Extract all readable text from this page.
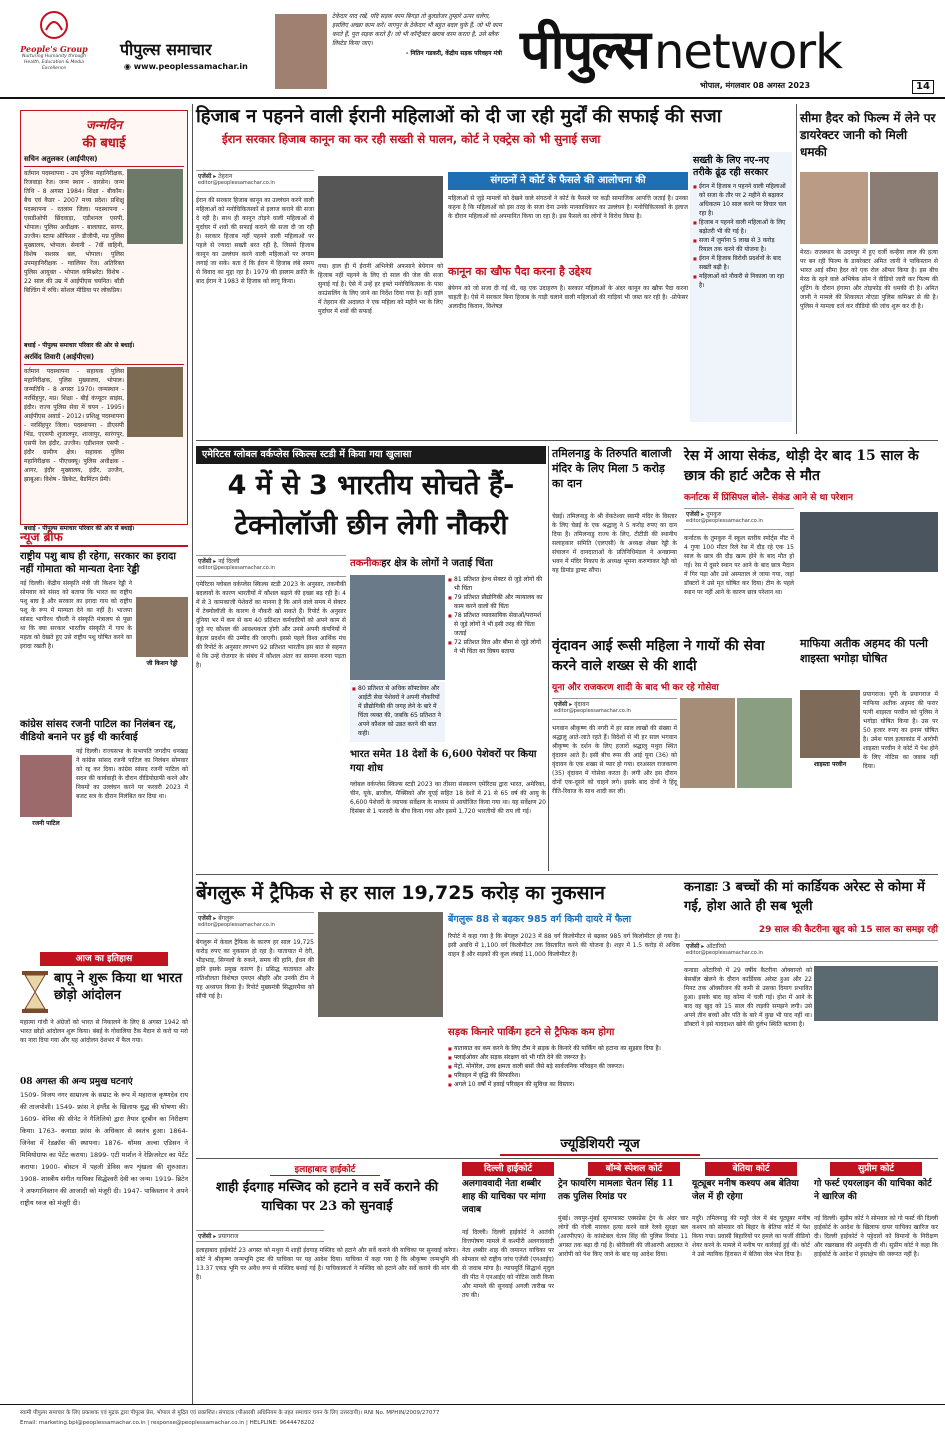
People's Group
Nurturing Humanity through Health, Education & Media Excellence
पीपुल्स समाचार
◉ www.peoplessamachar.in
टेकेदार याद रखें, यदि सड़क काम बिगड़ा तो बुलडोजर तुम्हारे ऊपर चलेगा, इसलिए अच्छा काम करें। नागपुर के ठेकेदार भी बहुत बदल चुके हैं, जो भी काम करते हैं, पूरा सड़क करते हैं। जो भी कॉन्ट्रैक्टर खराब काम करता है, उसे ब्लैक लिस्टेड किया जाए।
- नितिन गडकरी, केंद्रीय सड़क परिवहन मंत्री पीपुल्स network
भोपाल, मंगलवार 08 अगस्त 2023	14
जन्मदिन
की बधाई
सचिन अतुलकर (आईपीएस)
वर्तमान पदस्थापना - उप पुलिस महानिरीक्षक, रिजवाड़ा रेंज। जन्म स्थान - वारसेन। जन्म तिथि - 8 अगस्त 1984। शिक्षा - बीकॉम। बैच एवं कैडर - 2007 मध्य प्रदेश। प्रशिक्षु पदस्थापना - रतलाम जिला। पदस्थापना - एसडीओपी छिंदवाड़ा, एडीशनल एसपी, भोपाल। पुलिस अधीक्षक - बालाघाट, सागर, उज्जैन। स्टाफ ऑफिसर - डीजीपी, मप्र पुलिस मुख्यालय, भोपाल। सेनानी - 7वीं वाहिनी, विशेष सशस्त्र बल, भोपाल। पुलिस उपमहानिरीक्षक - ग्वालियर रेंज। अतिरिक्त पुलिस आयुक्त - भोपाल कमिश्नरेट। विशेष - 22 साल की उम्र में आईपीएस चयनित। बॉडी बिल्डिंग में रुचि। सोशल मीडिया पर लोकप्रिय।
बधाई - पीपुल्स समाचार परिवार की ओर से बधाई।
अरविंद तिवारी (आईपीएस)
वर्तमान पदस्थापना - सहायक पुलिस महानिरीक्षक, पुलिस मुख्यालय, भोपाल। जन्मतिथि - 8 अगस्त 1970। जन्मस्थान - नरसिंहपुर, मप्र। शिक्षा - बीई कंप्यूटर साइंस, इंदौर। राज्य पुलिस सेवा में चयन - 1995। आईपीएस अवार्ड - 2012। प्रशिक्षु पदस्थापना - नरसिंहपुर जिला। पदस्थापना - डीएसपी भिंड, एएसपी शुजालपुर, शाजापुर, सारंगपुर, एसपी रेल इंदौर, उज्जैन। एडीशनल एसपी - इंदौर ग्रामीण क्षेत्र। सहायक पुलिस महानिरीक्षक - पीएचक्यू। पुलिस अधीक्षक - आगर, इंदौर मुख्यालय, इंदौर, उज्जैन, झाबुआ। विशेष - क्रिकेट, बैडमिंटन प्रेमी।
बधाई - पीपुल्स समाचार परिवार की ओर से बधाई।
न्यूज ब्रीफ
राष्ट्रीय पशु बाघ ही रहेगा, सरकार का इरादा नहीं गोमाता को मान्यता देनाः रेड्डी
नई दिल्ली। केंद्रीय संस्कृति मंत्री जी किशन रेड्डी ने सोमवार को संसद को बताया कि भारत का राष्ट्रीय पशु बाघ है और सरकार का इरादा गाय को राष्ट्रीय पशु के रूप में मान्यता देने का नहीं है। भाजपा सांसद भागीरथ चौधरी ने संस्कृति मंत्रालय से पूछा था कि क्या सरकार भारतीय संस्कृति में गाय के महत्व को देखते हुए उसे राष्ट्रीय पशु घोषित करने का इरादा रखती है।
जी किशन रेड्डी
कांग्रेस सांसद रजनी पाटिल का निलंबन रद्द, वीडियो बनाने पर हुई थी कार्रवाई
नई दिल्ली। राज्यसभा के सभापति जगदीप धनखड़ ने कांग्रेस सांसद रजनी पाटिल का निलंबन सोमवार को रद्द कर दिया। कांग्रेस सांसद रजनी पाटिल को सदन की कार्यवाही के दौरान वीडियोग्राफी करने और नियमों का उल्लंघन करने पर फरवरी 2023 में बजट सत्र के दौरान निलंबित कर दिया था।
रजनी पाटिल
आज का इतिहास
बापू ने शुरू किया था भारत छोड़ो आंदोलन
महात्मा गांधी ने अंग्रेजों को भारत से निकालने के लिए 8 अगस्त 1942 को भारत छोड़ो आंदोलन शुरू किया। बंबई के गोवालिया टैंक मैदान से करो या मरो का नारा दिया गया और यह आंदोलन देशभर में फैल गया।
08 अगस्त की अन्य प्रमुख घटनाएं
1509- विजय नगर साम्राज्य के सम्राट के रूप में महाराज कृष्णदेव राय की ताजपोशी। 1549- फ्रांस ने इंग्लैंड के खिलाफ युद्ध की घोषणा की। 1609- वेनिस की सीनेट ने गैलिलियो द्वारा तैयार दूरबीन का निरीक्षण किया। 1763- कनाडा फ्रांस के अधिकार से स्वतंत्र हुआ। 1864- जिनेवा में रेडक्रॉस की स्थापना। 1876- थॉमस अल्वा एडिसन ने मिमियोग्राफ का पेटेंट कराया। 1899- एटी मार्शल ने रेफ्रिजरेटर का पेटेंट कराया। 1900- बोस्टन में पहली डेविस कप शृंखला की शुरुआत। 1908- शास्त्रीय संगीत गायिका सिद्धेश्वरी देवी का जन्म। 1919- ब्रिटेन ने अफगानिस्तान की आजादी को मंजूरी दी। 1947- पाकिस्तान ने अपने राष्ट्रीय ध्वज को मंजूरी दी।
हिजाब न पहनने वाली ईरानी महिलाओं को दी जा रही मुर्दों की सफाई की सजा
ईरान सरकार हिजाब कानून का कर रही सख्ती से पालन, कोर्ट ने एक्ट्रेस को भी सुनाई सजा
एजेंसी ▸ तेहरान
editor@peoplessamachar.co.in
ईरान की सरकार हिजाब कानून का उल्लंघन करने वाली महिलाओं को मनोचिकित्सकों से इलाज कराने की सजा दे रही है। साथ ही कानून तोड़ने वाली महिलाओं से मुर्दाघर में शवों की सफाई कराने की सजा दी जा रही है। सरकार हिजाब नहीं पहनने वाली महिलाओं पर पहले से ज्यादा सख्ती बरत रही है, जिससे हिजाब कानून का उल्लंघन करने वाली महिलाओं पर लगाम लगाई जा सके। बता दें कि ईरान में हिजाब लंबे समय से विवाद का मुद्दा रहा है। 1979 की इस्लाम क्रांति के बाद ईरान ने 1983 से हिजाब को लागू किया।
गया। हाल ही में ईरानी अभिनेत्री अफसाने बेयेगान को हिजाब नहीं पहनने के लिए दो साल की जेल की सजा सुनाई गई है। ऐसे में उन्हें हर हफ्ते मनोचिकित्सक के पास काउंसलिंग के लिए जाने का निर्देश दिया गया है। वहीं हाल में तेहरान की अदालत ने एक महिला को महीने भर के लिए मुर्दाघर में शवों की सफाई
संगठनों ने कोर्ट के फैसले की आलोचना की
महिलाओं से जुड़े मामलों को देखने वाले संगठनों ने कोर्ट के फैसले पर कड़ी सामाजिक आपत्ति जताई है। उनका कहना है कि महिलाओं को इस तरह के सजा देना उनके मानवाधिकार का उल्लंघन है। मनोचिकित्सकों के इलाज के दौरान महिलाओं को अपमानित किया जा रहा है। इस फैसले का लोगों ने विरोध किया है।
कानून का खौफ पैदा करना है उद्देश्य
बेयेगन को जो सजा दी गई थी, वह एक उदाहरण है। सरकार महिलाओं के अंदर कानून का खौफ पैदा करना चाहती है। ऐसे में सरकार बिना हिजाब के गाड़ी चलाने वाली महिलाओं की गाड़ियां भी जब्त कर रही है। -प्रोफेसर अलादीद किवान, विशेषज्ञ
सख्ती के लिए नए-नए तरीके ढूंढ रही सरकार
■ ईरान में हिजाब न पहनने वाली महिलाओं को सजा के तौर पर 2 महीने से बढ़ाकर अधिकतम 10 साल करने पर विचार चल रहा है।
■ हिजाब न पहनने वाली महिलाओं के लिए बढ़ोतरी भी की गई है।
■ सजा में जुर्माना 5 लाख से 3 करोड़ रियाल तक करने की योजना है।
■ ईरान में हिजाब विरोधी प्रदर्शनों के बाद सख्ती बढ़ी है।
■ महिलाओं को नौकरी से निकाला जा रहा है।
सीमा हैदर को फिल्म में लेने पर डायरेक्टर जानी को मिली धमकी
मेरठ। राजस्थान के उदयपुर में हुए दर्जी कन्हैया लाल की हत्या पर बन रही फिल्म के डायरेक्टर अमित जानी ने पाकिस्तान से भारत आई सीमा हैदर को एक रोल ऑफर किया है। इस बीच मेरठ के रहने वाले अभिषेक सोम ने वीडियो जारी कर फिल्म की शूटिंग के दौरान हंगामा और तोड़फोड़ की धमकी दी है। अमित जानी ने मामले की शिकायत नोएडा पुलिस कमिश्नर से की है। पुलिस ने मामला दर्ज कर वीडियो की जांच शुरू कर दी है।
एमेरिटस ग्लोबल वर्कप्लेस स्किल्स स्टडी में किया गया खुलासा
4 में से 3 भारतीय सोचते हैं- टेक्नोलॉजी छीन लेगी नौकरी
एजेंसी ▸ नई दिल्ली
editor@peoplessamachar.co.in
एमेरिटस ग्लोबल वर्कप्लेस स्किल्स स्टडी 2023 के अनुसार, तकनीकी बदलावों के कारण भारतीयों में कौशल बढ़ाने की इच्छा बढ़ रही है। 4 में से 3 कामकाजी पेशेवरों का मानना है कि आने वाले समय में सेक्टर में टेक्नोलॉजी के कारण वे नौकरी खो सकते हैं। रिपोर्ट के अनुसार दुनिया भर में कम से कम 40 प्रतिशत कर्मचारियों को अपने काम से जुड़े नए कौशल की आवश्यकता होगी और उनसे अपनी कंपनियों में बेहतर प्रदर्शन की उम्मीद की जाएगी। इससे पहले विश्व आर्थिक मंच की रिपोर्ट के अनुसार लगभग 92 प्रतिशत भारतीय इस बात से सहमत थे कि उन्हें रोजगार के संबंध में कौशल अंतर का सामना करना पड़ता है।
तकनीकःहर क्षेत्र के लोगों ने जताई चिंता
■ 80 प्रतिशत से अधिक सॉफ्टवेयर और आईटी सेवा पेशेवरों ने अपनी नौकरियों में प्रौद्योगिकी की जगह लेने के बारे में चिंता व्यक्त की, जबकि 65 प्रतिशत ने अपने कौशल को उन्नत करने की बात कही।
■ 81 प्रतिशत हेल्थ सेक्टर से जुड़े लोगों की भी चिंता
■ 79 प्रतिशत प्रौद्योगिकी और न्यायालय का काम करने वालों की चिंता
■ 78 प्रतिशत व्यावसायिक सेवाओं/परामर्श से जुड़े लोगों ने भी इसी तरह की चिंता जताई
■ 72 प्रतिशत वित्त और बीमा से जुड़े लोगों ने भी चिंता का विषय बताया
भारत समेत 18 देशों के 6,600 पेशेवरों पर किया गया शोध
ग्लोबल वर्कप्लेस स्किल्स स्टडी 2023 का तीसरा संस्करण एमेरिटस द्वारा भारत, अमेरिका, चीन, यूके, ब्राजील, मैक्सिको और यूएई सहित 18 देशों में 21 से 65 वर्ष की आयु के 6,600 पेशेवरों के व्यापक सर्वेक्षण के माध्यम से आयोजित किया गया था। यह सर्वेक्षण 20 दिसंबर से 1 फरवरी के बीच किया गया और इसमें 1,720 भारतीयों की राय ली गई।
तमिलनाडु के तिरुपति बालाजी मंदिर के लिए मिला 5 करोड़ का दान
चेन्नई। तमिलनाडु के श्री वेंकटेश्वर स्वामी मंदिर के विस्तार के लिए चेन्नई के एक श्रद्धालु ने 5 करोड़ रुपए का दान दिया है। तमिलनाडु राज्य के लिए, टीटीडी की स्थानीय सलाहकार समिति (एलएसी) के अध्यक्ष शेखर रेड्डी के संचालन में दानदाताओं के प्रतिनिधिमंडल ने अनन्नाम्या भवन में मंदिर निकाय के अध्यक्ष भूमना करुणाकर रेड्डी को यह डिमांड ड्राफ्ट सौंपा।
वृंदावन आई रूसी महिला ने गायों की सेवा करने वाले शख्स से की शादी
यूना और राजकरण शादी के बाद भी कर रहे गोसेवा
एजेंसी ▸ वृंदावन
editor@peoplessamachar.co.in
भगवान श्रीकृष्ण की नगरी में हर साल लाखों की संख्या में श्रद्धालु आते-जाते रहते हैं। विदेशों से भी हर साल भगवान श्रीकृष्ण के दर्शन के लिए हजारों श्रद्धालु मथुरा स्थित वृंदावन आते हैं। इसी बीच रूस की आई यूना (36) को वृंदावन के एक शख्स से प्यार हो गया। दरअसल राजकरण (35) वृंदावन में गोसेवा करता है। लगी और इस दौरान दोनों एक-दूसरे को चाहने लगे। इसके बाद दोनों ने हिंदू रीति-रिवाज के साथ शादी कर ली।
रेस में आया सेकंड, थोड़ी देर बाद 15 साल के छात्र की हार्ट अटैक से मौत
कर्नाटक में प्रिंसिपल बोले- सेकंड आने से था परेशान
एजेंसी ▸ तुमकुरु
editor@peoplessamachar.co.in
कर्नाटक के तुमकुरु में स्कूल स्तरीय स्पोर्ट्स मीट में 4 गुणा 100 मीटर रिले रेस में दौड़ रहे एक 15 साल के छात्र की दौड़ खत्म होने के बाद मौत हो गई। रेस में दूसरे स्थान पर आने के बाद छात्र मैदान में गिर पड़ा और उसे अस्पताल ले जाया गया, जहां डॉक्टरों ने उसे मृत घोषित कर दिया। टीम के पहले स्थान पर नहीं आने के कारण छात्र परेशान था।
माफिया अतीक अहमद की पत्नी शाइस्ता भगोड़ा घोषित
शाइस्ता परवीन
प्रयागराज। यूपी के प्रयागराज में माफिया अतीक अहमद की फरार पत्नी शाइस्ता परवीन को पुलिस ने भगोड़ा घोषित किया है। उस पर 50 हजार रुपए का इनाम घोषित है। उमेश पाल हत्याकांड में आरोपी शाइस्ता परवीन ने कोर्ट में पेश होने के लिए नोटिस का जवाब नहीं दिया।
बेंगलुरू में ट्रैफिक से हर साल 19,725 करोड़ का नुकसान
एजेंसी ▸ बेंगलुरू
editor@peoplessamachar.co.in
बेंगलुरू में केवल ट्रैफिक के कारण हर साल 19,725 करोड़ रुपए का नुकसान हो रहा है। यातायात में देरी, भीड़भाड़, सिग्नलों के रुकने, समय की हानि, ईंधन की हानि इसके प्रमुख कारण हैं। प्रसिद्ध यातायात और गतिशीलता विशेषज्ञ एमएन श्रीहरि और उनकी टीम ने यह अध्ययन किया है। रिपोर्ट मुख्यमंत्री सिद्धारमैया को सौंपी गई है।
बेंगलुरू 88 से बढ़कर 985 वर्ग किमी दायरे में फैला
रिपोर्ट में कहा गया है कि बेंगलुरु 2023 में 88 वर्ग किलोमीटर से बढ़कर 985 वर्ग किलोमीटर हो गया है। इसी अवधि में 1,100 वर्ग किलोमीटर तक विस्तारित करने की योजना है। शहर में 1.5 करोड़ से अधिक वाहन हैं और सड़कों की कुल लंबाई 11,000 किलोमीटर है।
सड़क किनारे पार्किंग हटने से ट्रैफिक कम होगा
■ यातायात का कम करने के लिए टीम ने सड़क के किनारे की पार्किंग को हटाना का सुझाव दिया है।
■ फ्लाईओवर और सड़क संरक्षण को भी गति देने की जरूरत है।
■ मेट्रो, मोनोरेल, उच्च क्षमता वाली बसों जैसे बड़े सार्वजनिक परिवहन की जरूरत।
■ परिवहन में वृद्धि की सिफारिश।
■ अगले 10 वर्षों में हवाई परिवहन की सुविधा का विस्तार।
कनाडाः 3 बच्चों की मां कार्डियक अरेस्ट से कोमा में गई, होश आते ही सब भूली
29 साल की कैटरीना खुद को 15 साल का समझ रही
एजेंसी ▸ ओंटारियो
editor@peoplessamachar.co.in
कनाडा ओंटारियो में 29 वर्षीय कैटरीना ओक्वान्तो को बेसबॉल खेलने के दौरान कार्डियक अरेस्ट हुआ और 22 मिनट तक ऑक्सीजन की कमी से उसका दिमाग प्रभावित हुआ। इसके बाद वह कोमा में चली गई। होश में आने के बाद वह खुद को 15 साल की लड़की समझने लगी। उसे अपने तीन बच्चों और पति के बारे में कुछ भी याद नहीं था। डॉक्टरों ने इसे याददाश्त खोने की दुर्लभ स्थिति बताया है।
ज्यूडिशियरी न्यूज
इलाहाबाद हाईकोर्ट
शाही ईदगाह मस्जिद को हटाने व सर्वे कराने की याचिका पर 23 को सुनवाई
एजेंसी ▸ प्रयागराज
इलाहाबाद हाईकोर्ट 23 अगस्त को मथुरा में शाही ईदगाह मस्जिद को हटाने और सर्वे कराने की याचिका पर सुनवाई करेगा। कोर्ट ने श्रीकृष्ण जन्मभूमि ट्रस्ट की याचिका पर यह आदेश दिया। याचिका में कहा गया है कि श्रीकृष्ण जन्मभूमि की 13.37 एकड़ भूमि पर अवैध रूप से मस्जिद बनाई गई है। याचिकाकर्ता ने मस्जिद को हटाने और सर्वे कराने की मांग की है।
दिल्ली हाईकोर्ट
अलगाववादी नेता शब्बीर शाह की याचिका पर मांगा जवाब
नई दिल्ली। दिल्ली हाईकोर्ट ने आतंकी वित्तपोषण मामले में कश्मीरी अलगाववादी नेता शब्बीर शाह की जमानत याचिका पर सोमवार को राष्ट्रीय जांच एजेंसी (एनआईए) से जवाब मांगा है। न्यायमूर्ति सिद्धार्थ मृदुल की पीठ ने एनआईए को नोटिस जारी किया और मामले की सुनवाई अगली तारीख पर तय की।
बॉम्बे स्पेशल कोर्ट
ट्रेन फायरिंग मामलाः चेतन सिंह 11 तक पुलिस रिमांड पर
मुंबई। जयपुर-मुंबई सुपरफास्ट एक्सप्रेस ट्रेन के अंदर चार लोगों की गोली मारकर हत्या करने वाले रेलवे सुरक्षा बल (आरपीएफ) के कांस्टेबल चेतन सिंह की पुलिस रिमांड 11 अगस्त तक बढ़ा दी गई है। बोरीवली की जीआरपी अदालत ने आरोपी को पेश किए जाने के बाद यह आदेश दिया।
बेतिया कोर्ट
यूट्यूबर मनीष कश्यप अब बेतिया जेल में ही रहेगा
मदुरै। तमिलनाडु की मदुरै जेल में बंद यूट्यूबर मनीष कश्यप को सोमवार को बिहार के बेतिया कोर्ट में पेश किया गया। प्रवासी बिहारियों पर हमले का फर्जी वीडियो शेयर करने के मामले में मनीष पर कार्रवाई हुई थी। कोर्ट ने उसे न्यायिक हिरासत में बेतिया जेल भेज दिया है।
सुप्रीम कोर्ट
गो फर्स्ट एयरलाइन की याचिका कोर्ट ने खारिज की
नई दिल्ली। सुप्रीम कोर्ट ने सोमवार को गो फर्स्ट की दिल्ली हाईकोर्ट के आदेश के खिलाफ दायर याचिका खारिज कर दी। दिल्ली हाईकोर्ट ने पट्टेदारों को विमानों के निरीक्षण और रखरखाव की अनुमति दी थी। सुप्रीम कोर्ट ने कहा कि हाईकोर्ट के आदेश में हस्तक्षेप की जरूरत नहीं है।
स्वामी पीपुल्स समाचार के लिए प्रकाशक एवं मुद्रक द्वारा पीपुल्स प्रेस, भोपाल से मुद्रित एवं प्रकाशित। संपादक (पीआरबी अधिनियम के तहत समाचार चयन के लिए उत्तरदायी)। RNI No. MPHIN/2009/27077
Email: marketing.bpl@peoplessamachar.co.in | response@peoplessamachar.co.in | HELPLINE: 9644478202
